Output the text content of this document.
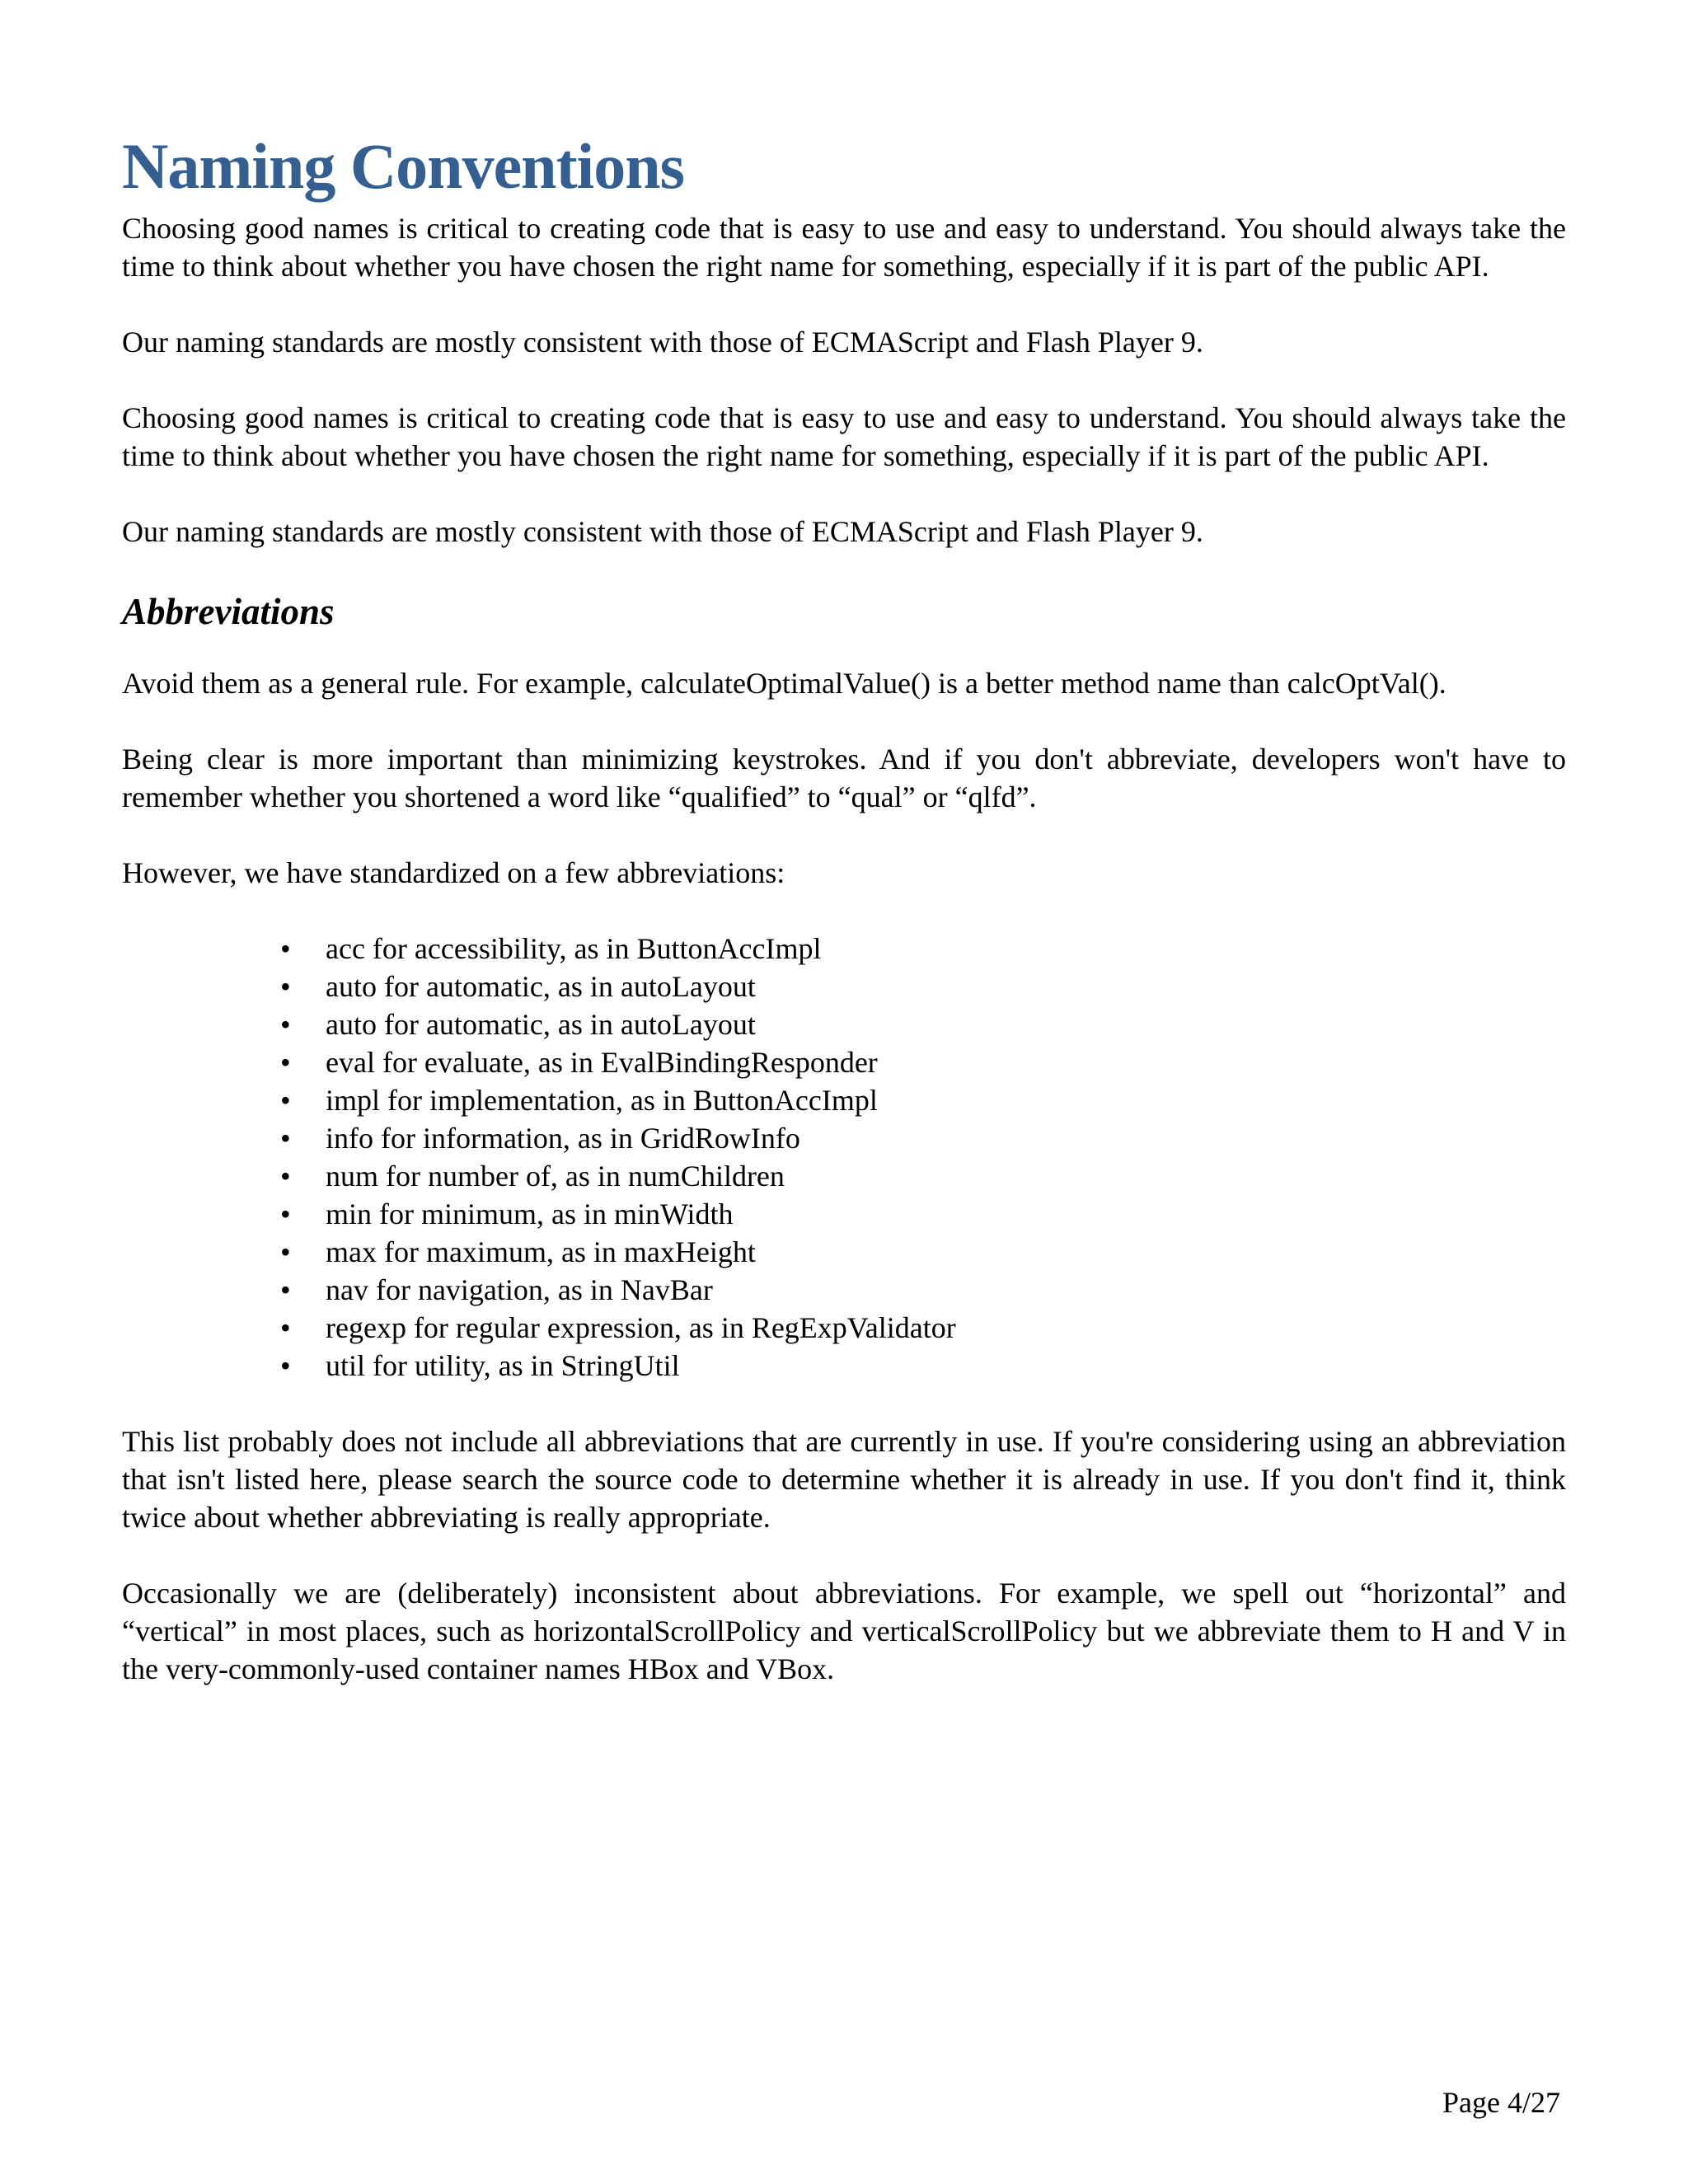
Naming Conventions

Choosing good names is critical to creating code that is easy to use and easy to understand. You should always take the time to think about whether you have chosen the right name for something, especially if it is part of the public API.

Our naming standards are mostly consistent with those of ECMAScript and Flash Player 9.

Choosing good names is critical to creating code that is easy to use and easy to understand. You should always take the time to think about whether you have chosen the right name for something, especially if it is part of the public API.

Our naming standards are mostly consistent with those of ECMAScript and Flash Player 9.

Abbreviations

Avoid them as a general rule. For example, calculateOptimalValue() is a better method name than calcOptVal().

Being clear is more important than minimizing keystrokes. And if you don't abbreviate, developers won't have to remember whether you shortened a word like “qualified” to “qual” or “qlfd”.

However, we have standardized on a few abbreviations:

• acc for accessibility, as in ButtonAccImpl
• auto for automatic, as in autoLayout
• auto for automatic, as in autoLayout
• eval for evaluate, as in EvalBindingResponder
• impl for implementation, as in ButtonAccImpl
• info for information, as in GridRowInfo
• num for number of, as in numChildren
• min for minimum, as in minWidth
• max for maximum, as in maxHeight
• nav for navigation, as in NavBar
• regexp for regular expression, as in RegExpValidator
• util for utility, as in StringUtil

This list probably does not include all abbreviations that are currently in use. If you're considering using an abbreviation that isn't listed here, please search the source code to determine whether it is already in use. If you don't find it, think twice about whether abbreviating is really appropriate.

Occasionally we are (deliberately) inconsistent about abbreviations. For example, we spell out “horizontal” and “vertical” in most places, such as horizontalScrollPolicy and verticalScrollPolicy but we abbreviate them to H and V in the very-commonly-used container names HBox and VBox.

Page 4/27
